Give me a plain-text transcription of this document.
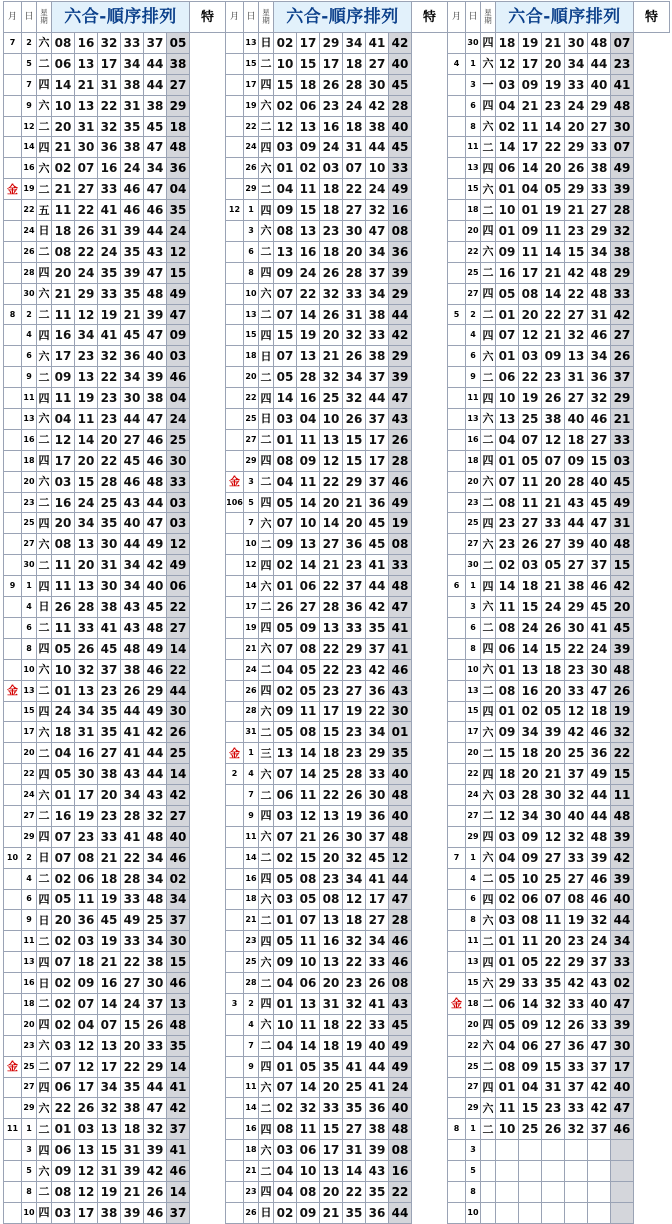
月	日	星期	六合-順序排列						特
7	2	六	08	16	32	33	37	05	
	5	二	06	13	17	34	44	38	
	7	四	14	21	31	38	44	27	
	9	六	10	13	22	31	38	29	
	12	二	20	31	32	35	45	18	
	14	四	21	30	36	38	47	48	
	16	六	02	07	16	24	34	36	
金	19	二	21	27	33	46	47	04	
	22	五	11	22	41	46	46	35	
	24	日	18	26	31	39	44	24	
	26	二	08	22	24	35	43	12	
	28	四	20	24	35	39	47	15	
	30	六	21	29	33	35	48	49	
8	2	二	11	12	19	21	39	47	
	4	四	16	34	41	45	47	09	
	6	六	17	23	32	36	40	03	
	9	二	09	13	22	34	39	46	
	11	四	11	19	23	30	38	04	
	13	六	04	11	23	44	47	24	
	16	二	12	14	20	27	46	25	
	18	四	17	20	22	45	46	30	
	20	六	03	15	28	46	48	33	
	23	二	16	24	25	43	44	03	
	25	四	20	34	35	40	47	03	
	27	六	08	13	30	44	49	12	
	30	二	11	20	31	34	42	49	
9	1	四	11	13	30	34	40	06	
	4	日	26	28	38	43	45	22	
	6	二	11	33	41	43	48	27	
	8	四	05	26	45	48	49	14	
	10	六	10	32	37	38	46	22	
金	13	二	01	13	23	26	29	44	
	15	四	24	34	35	44	49	30	
	17	六	18	31	35	41	42	26	
	20	二	04	16	27	41	44	25	
	22	四	05	30	38	43	44	14	
	24	六	01	17	20	34	43	42	
	27	二	16	19	23	28	32	27	
	29	四	07	23	33	41	48	40	
10	2	日	07	08	21	22	34	46	
	4	二	02	06	18	28	34	02	
	6	四	05	11	19	33	48	34	
	9	日	20	36	45	49	25	37	
	11	二	02	03	19	33	34	30	
	13	四	07	18	21	22	38	15	
	16	日	02	09	16	27	30	46	
	18	二	02	07	14	24	37	13	
	20	四	02	04	07	15	26	48	
	23	六	03	12	13	20	33	35	
金	25	二	07	12	17	22	29	14	
	27	四	06	17	34	35	44	41	
	29	六	22	26	32	38	47	42	
11	1	二	01	03	13	18	32	37	
	3	四	06	13	15	31	39	41	
	5	六	09	12	31	39	42	46	
	8	二	08	12	19	21	26	14	
	10	四	03	17	38	39	46	37	
月	日	星期	六合-順序排列						特
	13	日	02	17	29	34	41	42	
	15	二	10	15	17	18	27	40	
	17	四	15	18	26	28	30	45	
	19	六	02	06	23	24	42	28	
	22	二	12	13	16	18	38	40	
	24	四	03	09	24	31	44	45	
	26	六	01	02	03	07	10	33	
	29	二	04	11	18	22	24	49	
12	1	四	09	15	18	27	32	16	
	3	六	08	13	23	30	47	08	
	6	二	13	16	18	20	34	36	
	8	四	09	24	26	28	37	39	
	10	六	07	22	32	33	34	29	
	13	二	07	14	26	31	38	44	
	15	四	15	19	20	32	33	42	
	18	日	07	13	21	26	38	29	
	20	二	05	28	32	34	37	39	
	22	四	14	16	25	32	44	47	
	25	日	03	04	10	26	37	43	
	27	二	01	11	13	15	17	26	
	29	四	08	09	12	15	17	28	
金	3	二	04	11	22	29	37	46	
106	5	四	05	14	20	21	36	49	
	7	六	07	10	14	20	45	19	
	10	二	09	13	27	36	45	08	
	12	四	02	14	21	23	41	33	
	14	六	01	06	22	37	44	48	
	17	二	26	27	28	36	42	47	
	19	四	05	09	13	33	35	41	
	21	六	07	08	22	29	37	41	
	24	二	04	05	22	23	42	46	
	26	四	02	05	23	27	36	43	
	28	六	09	11	17	19	22	30	
	31	二	05	08	15	23	34	01	
金	1	三	13	14	18	23	29	35	
2	4	六	07	14	25	28	33	40	
	7	二	06	11	22	26	30	48	
	9	四	03	12	13	19	36	40	
	11	六	07	21	26	30	37	48	
	14	二	02	15	20	32	45	12	
	16	四	05	08	23	34	41	44	
	18	六	03	05	08	12	17	47	
	21	二	01	07	13	18	27	28	
	23	四	05	11	16	32	34	46	
	25	六	09	10	13	22	33	46	
	28	二	04	06	20	23	26	08	
3	2	四	01	13	31	32	41	43	
	4	六	10	11	18	22	33	45	
	7	二	04	14	18	19	40	49	
	9	四	01	05	35	41	44	49	
	11	六	07	14	20	25	41	24	
	14	二	02	32	33	35	36	40	
	16	四	08	11	15	27	38	48	
	18	六	03	06	17	31	39	08	
	21	二	04	10	13	14	43	16	
	23	四	04	08	20	22	35	22	
	26	日	02	09	21	35	36	44	
月	日	星期	六合-順序排列						特
	30	四	18	19	21	30	48	07	
4	1	六	12	17	20	34	44	23	
	3	一	03	09	19	33	40	41	
	6	四	04	21	23	24	29	48	
	8	六	02	11	14	20	27	30	
	11	二	14	17	22	29	33	07	
	13	四	06	14	20	26	38	49	
	15	六	01	04	05	29	33	39	
	18	二	10	01	19	21	27	28	
	20	四	01	09	11	23	29	32	
	22	六	09	11	14	15	34	38	
	25	二	16	17	21	42	48	29	
	27	四	05	08	14	22	48	33	
5	2	二	01	20	22	27	31	42	
	4	四	07	12	21	32	46	27	
	6	六	01	03	09	13	34	26	
	9	二	06	22	23	31	36	37	
	11	四	10	19	26	27	32	29	
	13	六	13	25	38	40	46	21	
	16	二	04	07	12	18	27	33	
	18	四	01	05	07	09	15	03	
	20	六	07	11	20	28	40	45	
	23	二	08	11	21	43	45	49	
	25	四	23	27	33	44	47	31	
	27	六	23	26	27	39	40	48	
	30	二	02	03	05	27	37	15	
6	1	四	14	18	21	38	46	42	
	3	六	11	15	24	29	45	20	
	6	二	08	24	26	30	41	45	
	8	四	06	14	15	22	24	39	
	10	六	01	13	18	23	30	48	
	13	二	08	16	20	33	47	26	
	15	四	01	02	05	12	18	19	
	17	六	09	34	39	42	46	32	
	20	二	15	18	20	25	36	22	
	22	四	18	20	21	37	49	15	
	24	六	03	28	30	32	44	11	
	27	二	12	34	30	40	44	48	
	29	四	03	09	12	32	48	39	
7	1	六	04	09	27	33	39	42	
	4	二	05	10	25	27	46	39	
	6	四	02	06	07	08	46	40	
	8	六	03	08	11	19	32	44	
	11	二	01	11	20	23	24	34	
	13	四	01	05	22	29	37	33	
	15	六	29	33	35	42	43	02	
金	18	二	06	14	32	33	40	47	
	20	四	05	09	12	26	33	39	
	22	六	04	06	27	36	47	30	
	25	二	08	09	15	33	37	17	
	27	四	01	04	31	37	42	40	
	29	六	11	15	23	33	42	47	
8	1	二	10	25	26	32	37	46	
	3								
	5								
	8								
	10								
